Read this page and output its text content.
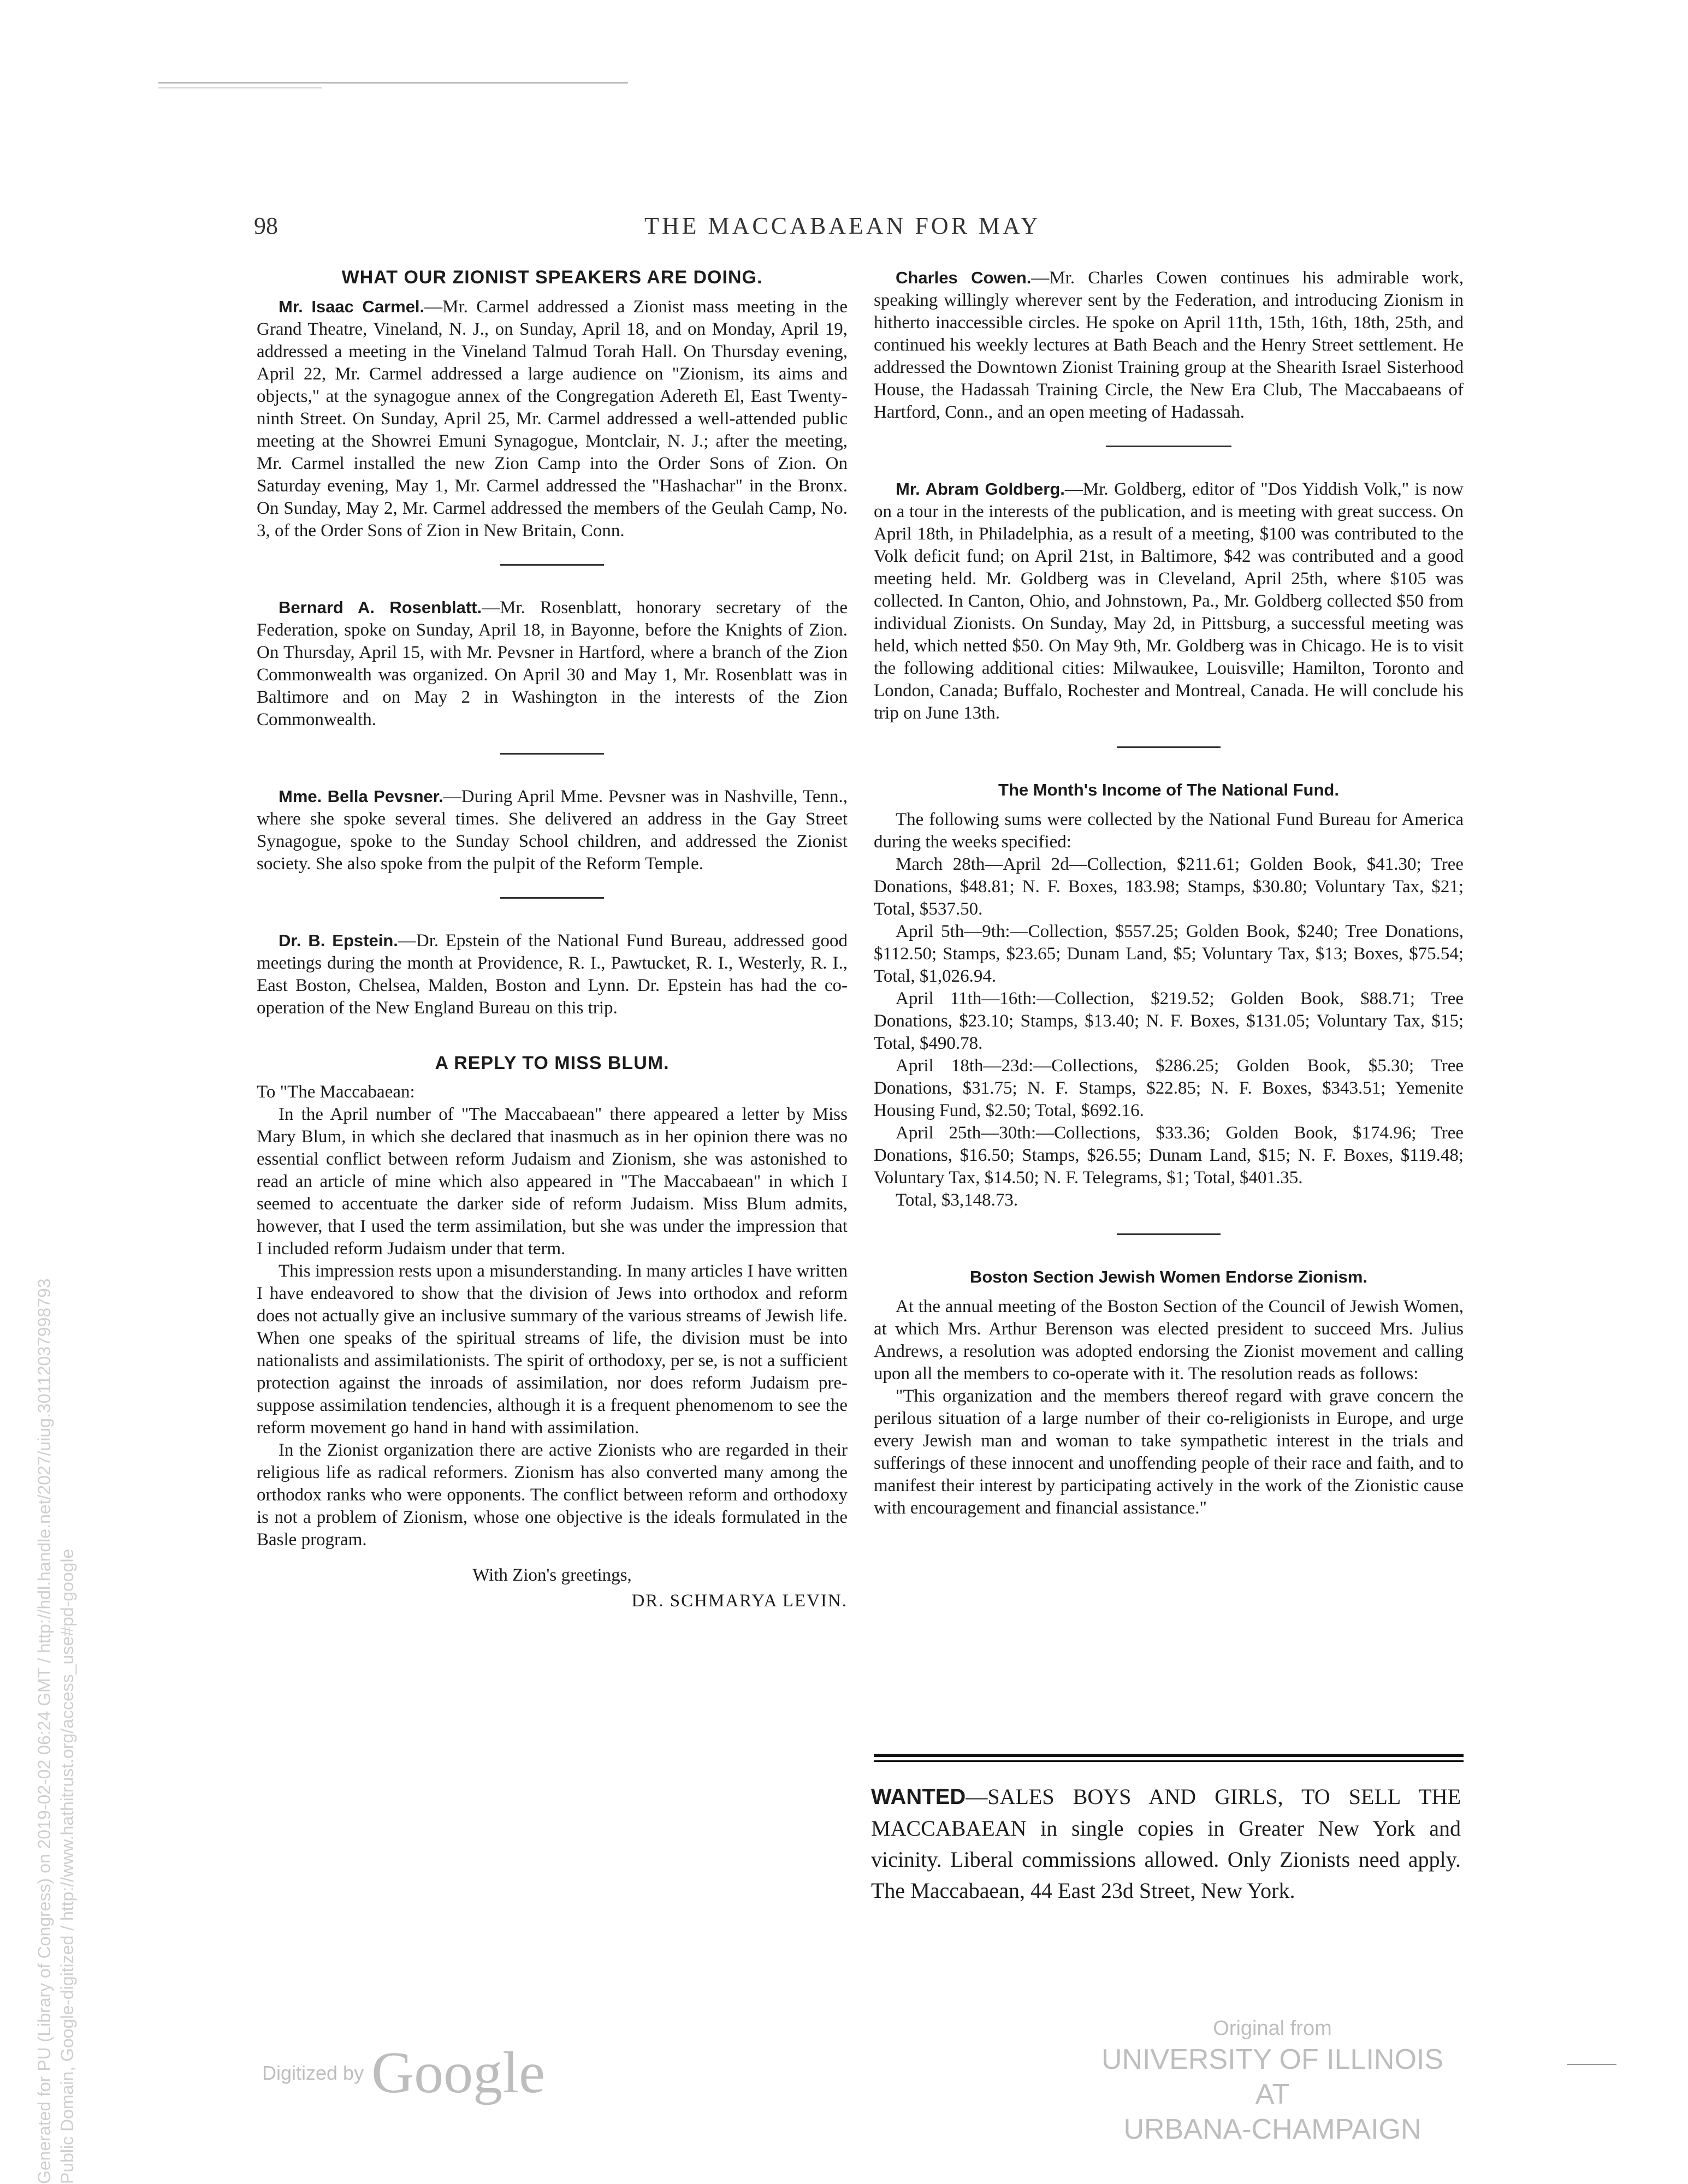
98	THE MACCABAEAN FOR MAY
WHAT OUR ZIONIST SPEAKERS ARE DOING.

Mr. Isaac Carmel.—Mr. Carmel addressed a Zionist mass meeting in the Grand Theatre, Vineland, N. J., on Sunday, April 18, and on Monday, April 19, addressed a meeting in the Vineland Talmud Torah Hall. On Thursday evening, April 22, Mr. Carmel addressed a large audience on "Zionism, its aims and objects," at the synagogue annex of the Congregation Adereth El, East Twenty-ninth Street. On Sunday, April 25, Mr. Carmel addressed a well-attended public meeting at the Showrei Emuni Synagogue, Montclair, N. J.; after the meeting, Mr. Carmel installed the new Zion Camp into the Order Sons of Zion. On Saturday evening, May 1, Mr. Carmel addressed the "Hashachar" in the Bronx. On Sunday, May 2, Mr. Carmel addressed the members of the Geulah Camp, No. 3, of the Order Sons of Zion in New Britain, Conn.

Bernard A. Rosenblatt.—Mr. Rosenblatt, honorary secretary of the Federation, spoke on Sunday, April 18, in Bayonne, before the Knights of Zion. On Thursday, April 15, with Mr. Pevsner in Hartford, where a branch of the Zion Commonwealth was organized. On April 30 and May 1, Mr. Rosenblatt was in Baltimore and on May 2 in Washington in the interests of the Zion Commonwealth.

Mme. Bella Pevsner.—During April Mme. Pevsner was in Nashville, Tenn., where she spoke several times. She delivered an address in the Gay Street Synagogue, spoke to the Sunday School children, and addressed the Zionist society. She also spoke from the pulpit of the Reform Temple.

Dr. B. Epstein.—Dr. Epstein of the National Fund Bureau, addressed good meetings during the month at Providence, R. I., Pawtucket, R. I., Westerly, R. I., East Boston, Chelsea, Malden, Boston and Lynn. Dr. Epstein has had the co-operation of the New England Bureau on this trip.

A REPLY TO MISS BLUM.

To "The Maccabaean:

In the April number of "The Maccabaean" there appeared a letter by Miss Mary Blum, in which she declared that inasmuch as in her opinion there was no essential conflict between reform Judaism and Zionism, she was astonished to read an article of mine which also appeared in "The Maccabaean" in which I seemed to accentuate the darker side of reform Judaism. Miss Blum admits, however, that I used the term assimilation, but she was under the impression that I included reform Judaism under that term.

This impression rests upon a misunderstanding. In many articles I have written I have endeavored to show that the division of Jews into orthodox and reform does not actually give an inclusive summary of the various streams of Jewish life. When one speaks of the spiritual streams of life, the division must be into nationalists and assimilationists. The spirit of orthodoxy, per se, is not a sufficient protection against the inroads of assimilation, nor does reform Judaism pre-suppose assimilation tendencies, although it is a frequent phenomenom to see the reform movement go hand in hand with assimilation.

In the Zionist organization there are active Zionists who are regarded in their religious life as radical reformers. Zionism has also converted many among the orthodox ranks who were opponents. The conflict between reform and orthodoxy is not a problem of Zionism, whose one objective is the ideals formulated in the Basle program.

With Zion's greetings,
DR. SCHMARYA LEVIN.

Charles Cowen.—Mr. Charles Cowen continues his admirable work, speaking willingly wherever sent by the Federation, and introducing Zionism in hitherto inaccessible circles. He spoke on April 11th, 15th, 16th, 18th, 25th, and continued his weekly lectures at Bath Beach and the Henry Street settlement. He addressed the Downtown Zionist Training group at the Shearith Israel Sisterhood House, the Hadassah Training Circle, the New Era Club, The Maccabaeans of Hartford, Conn., and an open meeting of Hadassah.

Mr. Abram Goldberg.—Mr. Goldberg, editor of "Dos Yiddish Volk," is now on a tour in the interests of the publication, and is meeting with great success. On April 18th, in Philadelphia, as a result of a meeting, $100 was contributed to the Volk deficit fund; on April 21st, in Baltimore, $42 was contributed and a good meeting held. Mr. Goldberg was in Cleveland, April 25th, where $105 was collected. In Canton, Ohio, and Johnstown, Pa., Mr. Goldberg collected $50 from individual Zionists. On Sunday, May 2d, in Pittsburg, a successful meeting was held, which netted $50. On May 9th, Mr. Goldberg was in Chicago. He is to visit the following additional cities: Milwaukee, Louisville; Hamilton, Toronto and London, Canada; Buffalo, Rochester and Montreal, Canada. He will conclude his trip on June 13th.

The Month's Income of The National Fund.

The following sums were collected by the National Fund Bureau for America during the weeks specified:

March 28th—April 2d—Collection, $211.61; Golden Book, $41.30; Tree Donations, $48.81; N. F. Boxes, 183.98; Stamps, $30.80; Voluntary Tax, $21; Total, $537.50.

April 5th—9th:—Collection, $557.25; Golden Book, $240; Tree Donations, $112.50; Stamps, $23.65; Dunam Land, $5; Voluntary Tax, $13; Boxes, $75.54; Total, $1,026.94.

April 11th—16th:—Collection, $219.52; Golden Book, $88.71; Tree Donations, $23.10; Stamps, $13.40; N. F. Boxes, $131.05; Voluntary Tax, $15; Total, $490.78.

April 18th—23d:—Collections, $286.25; Golden Book, $5.30; Tree Donations, $31.75; N. F. Stamps, $22.85; N. F. Boxes, $343.51; Yemenite Housing Fund, $2.50; Total, $692.16.

April 25th—30th:—Collections, $33.36; Golden Book, $174.96; Tree Donations, $16.50; Stamps, $26.55; Dunam Land, $15; N. F. Boxes, $119.48; Voluntary Tax, $14.50; N. F. Telegrams, $1; Total, $401.35.

Total, $3,148.73.

Boston Section Jewish Women Endorse Zionism.

At the annual meeting of the Boston Section of the Council of Jewish Women, at which Mrs. Arthur Berenson was elected president to succeed Mrs. Julius Andrews, a resolution was adopted endorsing the Zionist movement and calling upon all the members to co-operate with it. The resolution reads as follows:

"This organization and the members thereof regard with grave concern the perilous situation of a large number of their co-religionists in Europe, and urge every Jewish man and woman to take sympathetic interest in the trials and sufferings of these innocent and unoffending people of their race and faith, and to manifest their interest by participating actively in the work of the Zionistic cause with encouragement and financial assistance."

WANTED—SALES BOYS AND GIRLS, TO SELL THE MACCABAEAN in single copies in Greater New York and vicinity. Liberal commissions allowed. Only Zionists need apply. The Maccabaean, 44 East 23d Street, New York.
Generated for PU (Library of Congress) on 2019-02-02 06:24 GMT / http://hdl.handle.net/2027/uiug.30112037998793 Public Domain, Google-digitized / http://www.hathitrust.org/access_use#pd-google	Digitized by Google
Original from
UNIVERSITY OF ILLINOIS AT
URBANA-CHAMPAIGN
